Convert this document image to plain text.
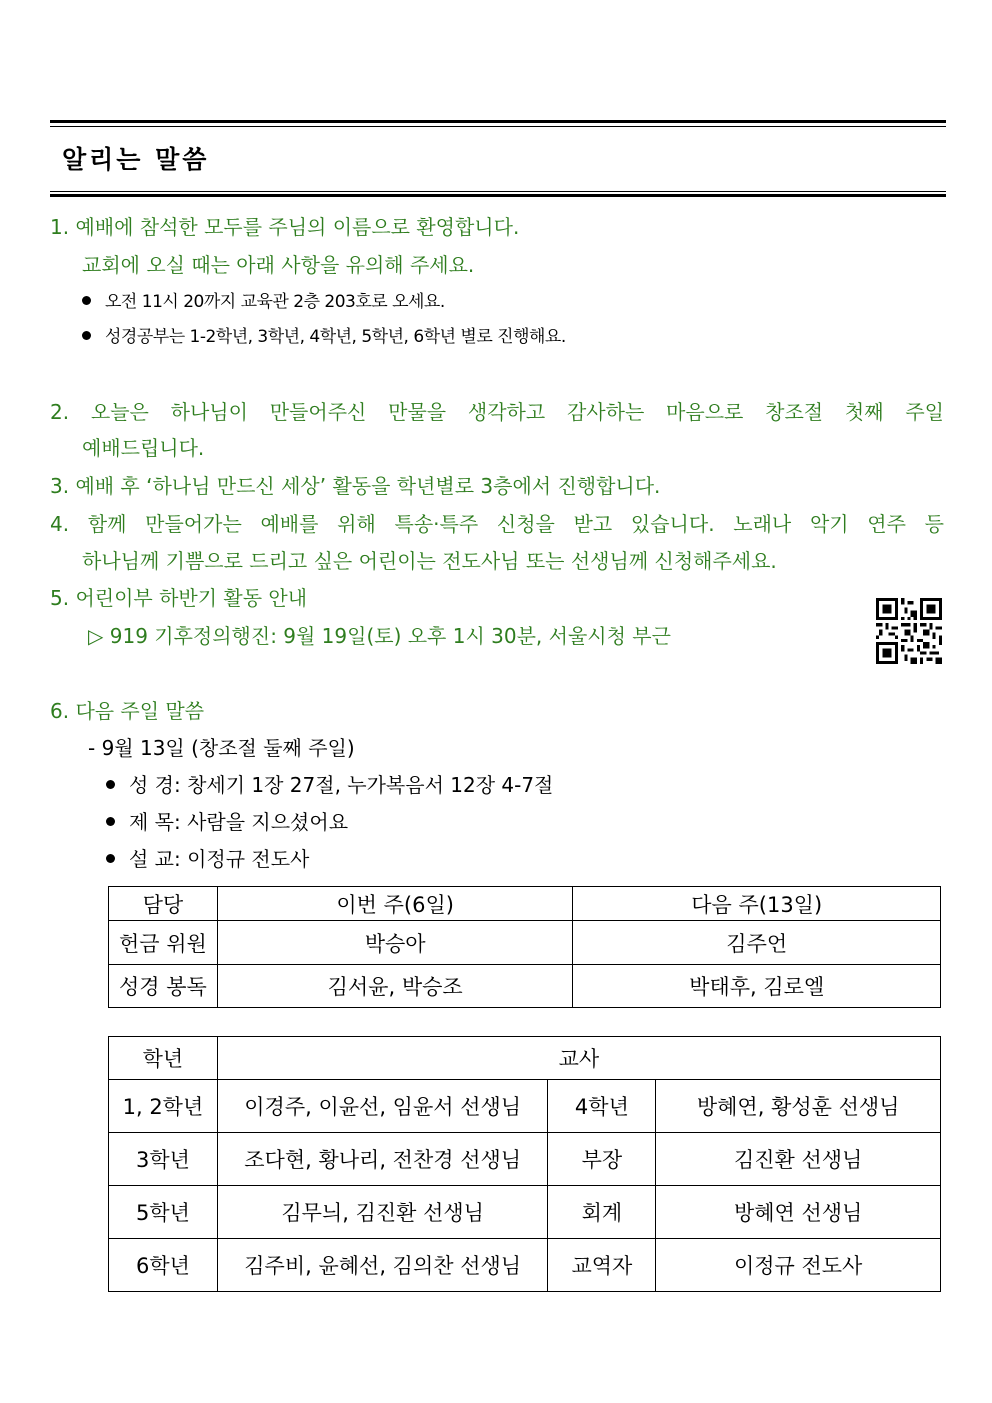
알리는 말씀
1. 예배에 참석한 모두를 주님의 이름으로 환영합니다.
교회에 오실 때는 아래 사항을 유의해 주세요.
오전 11시 20까지 교육관 2층 203호로 오세요.
성경공부는 1-2학년, 3학년, 4학년, 5학년, 6학년 별로 진행해요.
2. 오늘은 하나님이 만들어주신 만물을 생각하고 감사하는 마음으로 창조절 첫째 주일
예배드립니다.
3. 예배 후 ‘하나님 만드신 세상’ 활동을 학년별로 3층에서 진행합니다.
4. 함께 만들어가는 예배를 위해 특송·특주 신청을 받고 있습니다. 노래나 악기 연주 등
하나님께 기쁨으로 드리고 싶은 어린이는 전도사님 또는 선생님께 신청해주세요.
5. 어린이부 하반기 활동 안내
▷ 919 기후정의행진: 9월 19일(토) 오후 1시 30분, 서울시청 부근
6. 다음 주일 말씀
- 9월 13일 (창조절 둘째 주일)
성 경: 창세기 1장 27절, 누가복음서 12장 4-7절
제 목: 사람을 지으셨어요
설 교: 이정규 전도사
담당	이번 주(6일)	다음 주(13일)
헌금 위원	박승아	김주언
성경 봉독	김서윤, 박승조	박태후, 김로엘
학년	교사		
1, 2학년	이경주, 이윤선, 임윤서 선생님	4학년	방혜연, 황성훈 선생님
3학년	조다현, 황나리, 전찬경 선생님	부장	김진환 선생님
5학년	김무늬, 김진환 선생님	회계	방혜연 선생님
6학년	김주비, 윤혜선, 김의찬 선생님	교역자	이정규 전도사
